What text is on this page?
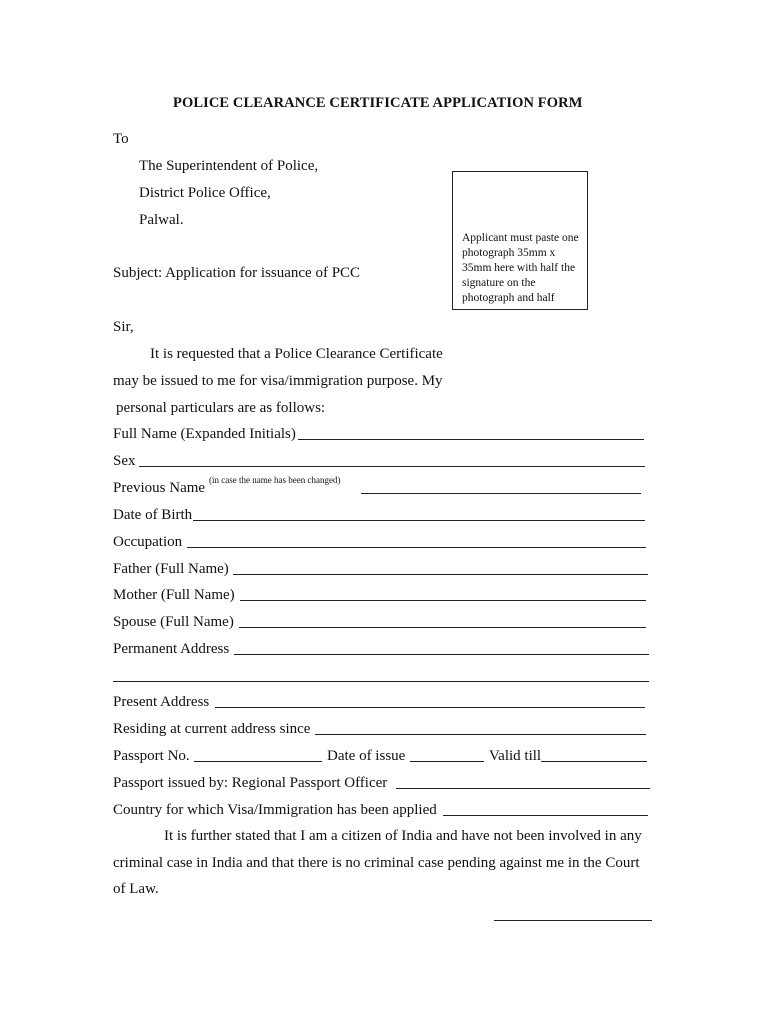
POLICE CLEARANCE CERTIFICATE APPLICATION FORM
To
The Superintendent of Police,
District Police Office,
Palwal.
Applicant must paste one photograph 35mm x 35mm here with half the signature on the photograph and half
Subject: Application for issuance of PCC
Sir,
It is requested that a Police Clearance Certificate
may be issued to me for visa/immigration purpose. My
personal particulars are as follows:
Full Name (Expanded Initials)
Sex
Previous Name (in case the name has been changed)
Date of Birth
Occupation
Father (Full Name)
Mother (Full Name)
Spouse (Full Name)
Permanent Address
Present Address
Residing at current address since
Passport No.	Date of issue	Valid till
Passport issued by: Regional Passport Officer
Country for which Visa/Immigration has been applied
It is further stated that I am a citizen of India and have not been involved in any
criminal case in India and that there is no criminal case pending against me in the Court
of Law.
